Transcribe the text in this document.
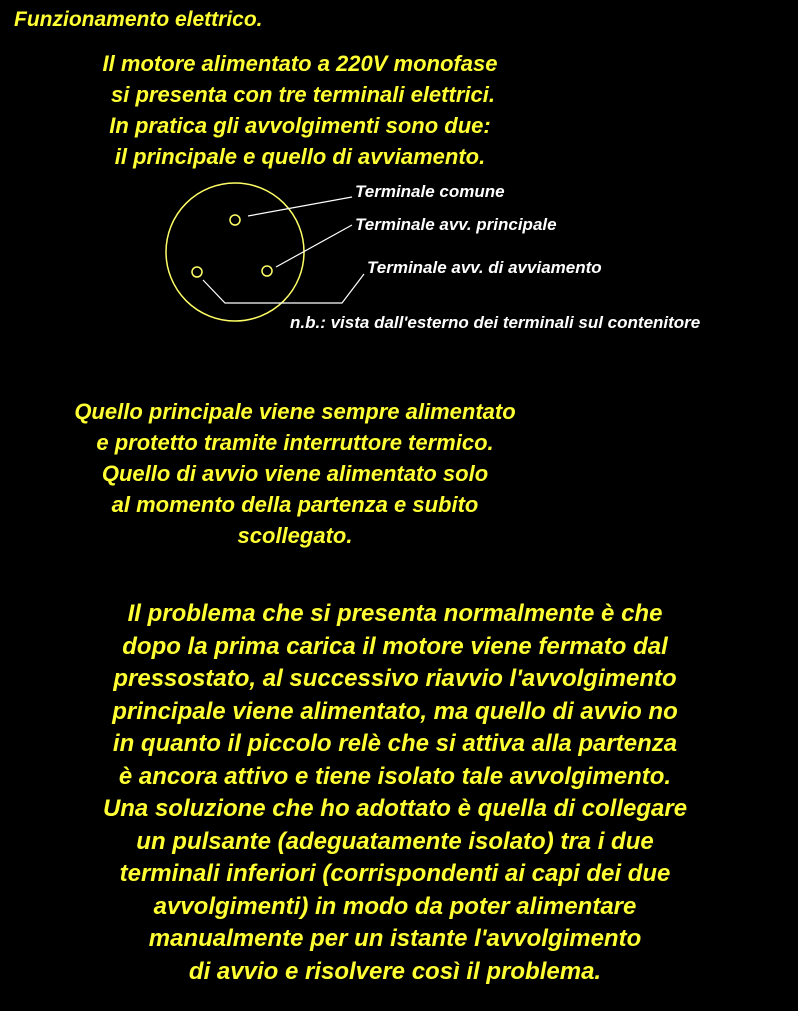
Funzionamento elettrico.
Il motore alimentato a 220V monofase
si presenta con tre terminali elettrici.
In pratica gli avvolgimenti sono due:
il principale e quello di avviamento.
Terminale comune
Terminale avv. principale
Terminale avv. di avviamento
n.b.: vista dall'esterno dei terminali sul contenitore
Quello principale viene sempre alimentato
e protetto tramite interruttore termico.
Quello di avvio viene alimentato solo
al momento della partenza e subito
scollegato.
Il problema che si presenta normalmente è che
dopo la prima carica il motore viene fermato dal
pressostato, al successivo riavvio l'avvolgimento
principale viene alimentato, ma quello di avvio no
in quanto il piccolo relè che si attiva alla partenza
è ancora attivo e tiene isolato tale avvolgimento.
Una soluzione che ho adottato è quella di collegare
un pulsante (adeguatamente isolato) tra i due
terminali inferiori (corrispondenti ai capi dei due
avvolgimenti) in modo da poter alimentare
manualmente per un istante l'avvolgimento
di avvio e risolvere così il problema.
